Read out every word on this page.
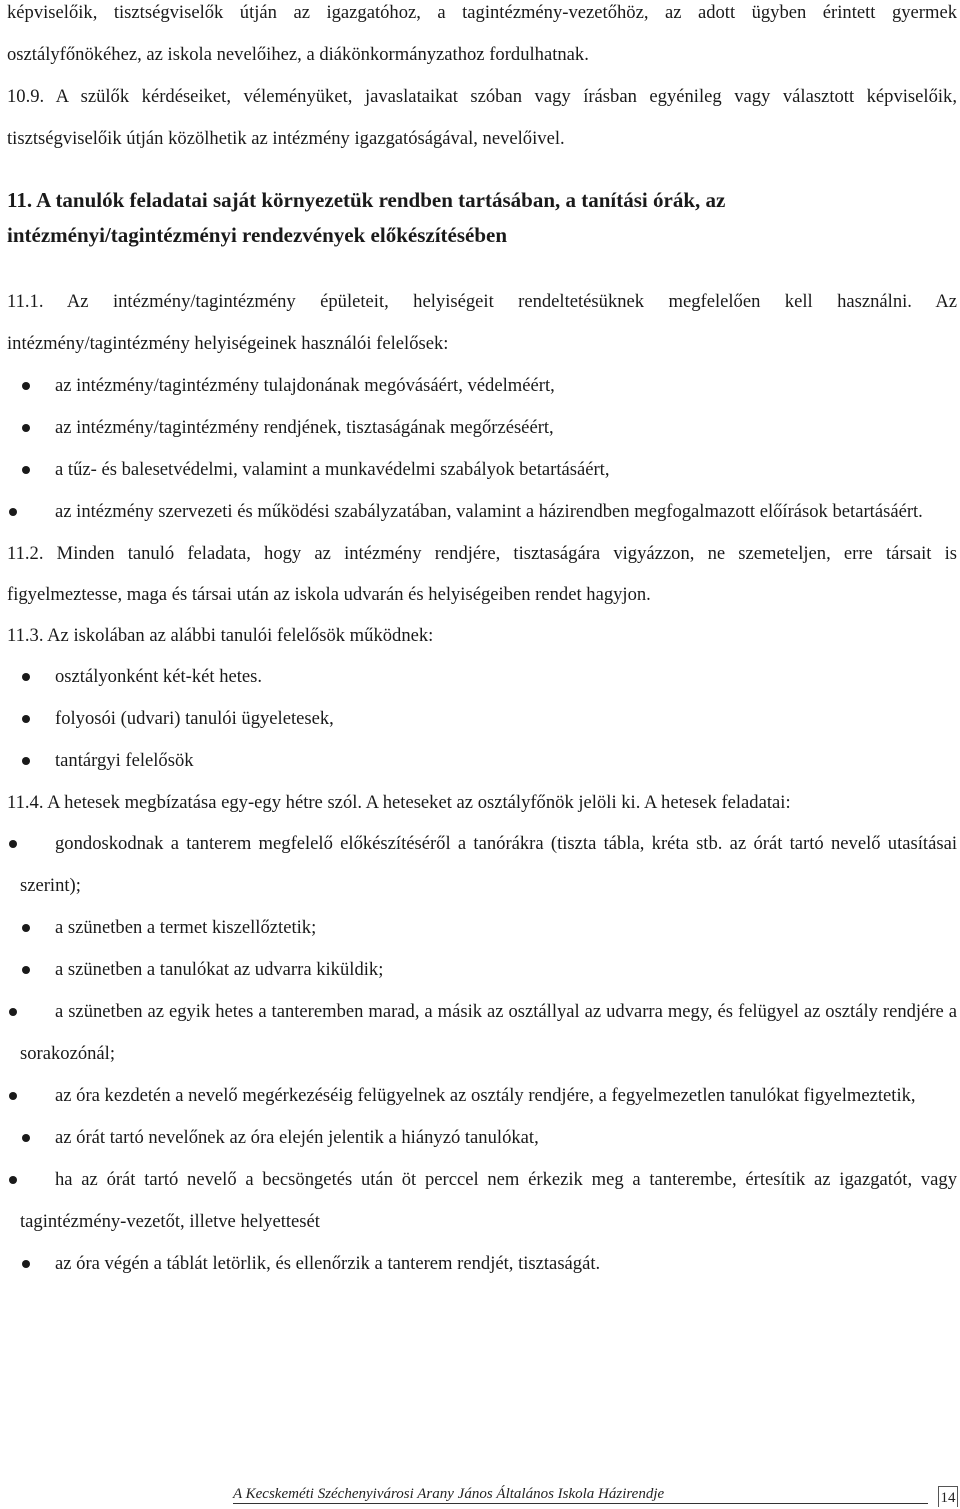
képviselőik, tisztségviselők útján az igazgatóhoz, a tagintézmény-vezetőhöz, az adott ügyben érintett gyermek osztályfőnökéhez, az iskola nevelőihez, a diákönkormányzathoz fordulhatnak.

10.9. A szülők kérdéseiket, véleményüket, javaslataikat szóban vagy írásban egyénileg vagy választott képviselőik, tisztségviselőik útján közölhetik az intézmény igazgatóságával, nevelőivel.

11. A tanulók feladatai saját környezetük rendben tartásában, a tanítási órák, az intézményi/tagintézményi rendezvények előkészítésében

11.1. Az intézmény/tagintézmény épületeit, helyiségeit rendeltetésüknek megfelelően kell használni. Az intézmény/tagintézmény helyiségeinek használói felelősek:

az intézmény/tagintézmény tulajdonának megóvásáért, védelméért,
az intézmény/tagintézmény rendjének, tisztaságának megőrzéséért,
a tűz- és balesetvédelmi, valamint a munkavédelmi szabályok betartásáért,
az intézmény szervezeti és működési szabályzatában, valamint a házirendben megfogalmazott előírások betartásáért.

11.2. Minden tanuló feladata, hogy az intézmény rendjére, tisztaságára vigyázzon, ne szemeteljen, erre társait is figyelmeztesse, maga és társai után az iskola udvarán és helyiségeiben rendet hagyjon.

11.3. Az iskolában az alábbi tanulói felelősök működnek:

osztályonként két-két hetes.
folyosói (udvari) tanulói ügyeletesek,
tantárgyi felelősök

11.4. A hetesek megbízatása egy-egy hétre szól. A heteseket az osztályfőnök jelöli ki. A hetesek feladatai:

gondoskodnak a tanterem megfelelő előkészítéséről a tanórákra (tiszta tábla, kréta stb. az órát tartó nevelő utasításai szerint);
a szünetben a termet kiszellőztetik;
a szünetben a tanulókat az udvarra kiküldik;
a szünetben az egyik hetes a tanteremben marad, a másik az osztállyal az udvarra megy, és felügyel az osztály rendjére a sorakozónál;
az óra kezdetén a nevelő megérkezéséig felügyelnek az osztály rendjére, a fegyelmezetlen tanulókat figyelmeztetik,
az órát tartó nevelőnek az óra elején jelentik a hiányzó tanulókat,
ha az órát tartó nevelő a becsöngetés után öt perccel nem érkezik meg a tanterembe, értesítik az igazgatót, vagy tagintézmény-vezetőt, illetve helyettesét
az óra végén a táblát letörlik, és ellenőrzik a tanterem rendjét, tisztaságát.
A Kecskeméti Széchenyivárosi Arany János Általános Iskola Házirendje	14
